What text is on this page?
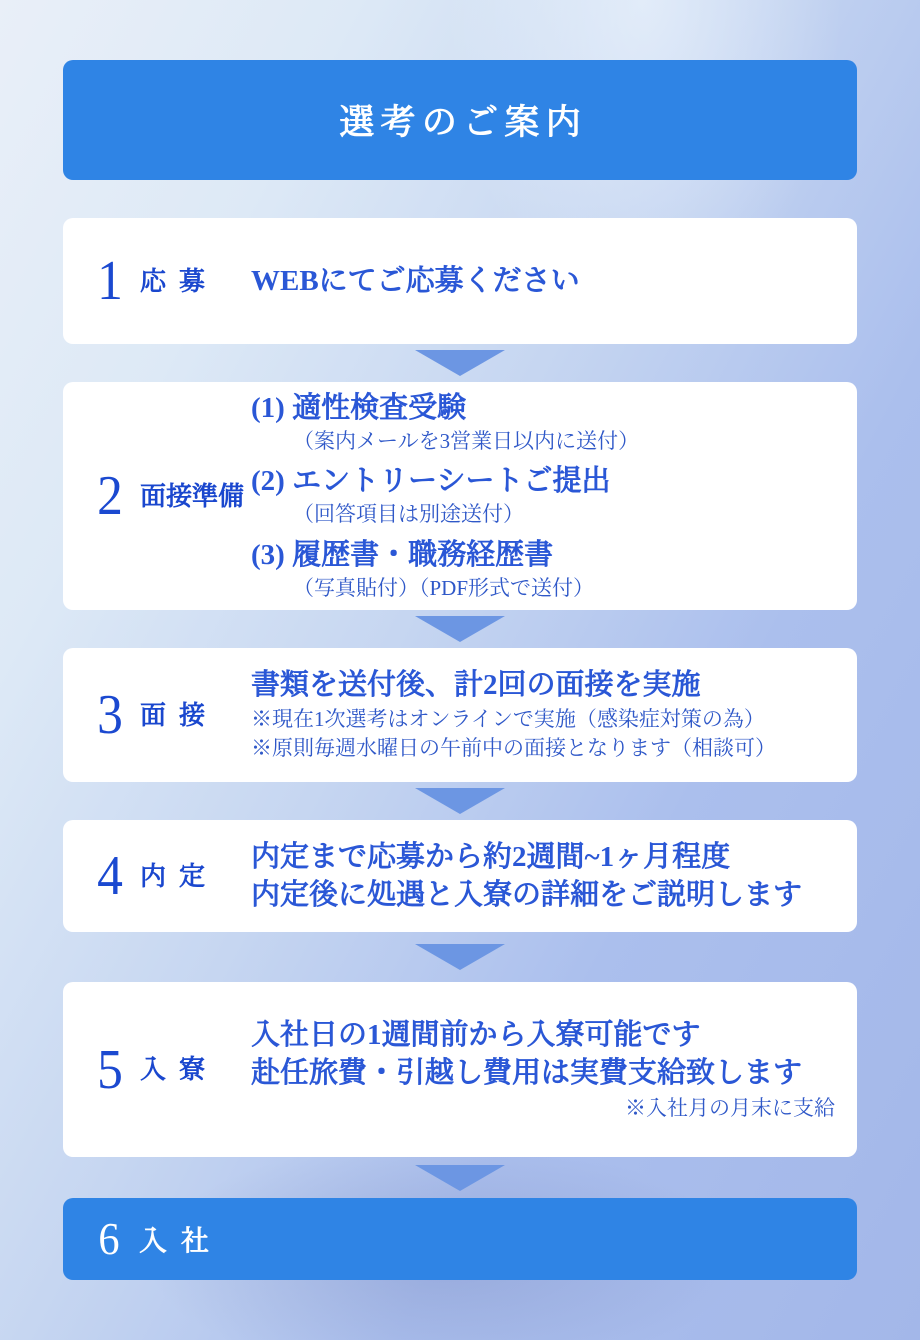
選考のご案内
1 応 募 WEBにてご応募ください
2 面接準備
(1) 適性検査受験
（案内メールを3営業日以内に送付）
(2) エントリーシートご提出
（回答項目は別途送付）
(3) 履歴書・職務経歴書
（写真貼付）（PDF形式で送付）
3 面 接
書類を送付後、計2回の面接を実施
※現在1次選考はオンラインで実施（感染症対策の為）
※原則毎週水曜日の午前中の面接となります（相談可）
4 内 定
内定まで応募から約2週間~1ヶ月程度
内定後に処遇と入寮の詳細をご説明します
5 入 寮
入社日の1週間前から入寮可能です
赴任旅費・引越し費用は実費支給致します
※入社月の月末に支給
6 入 社
